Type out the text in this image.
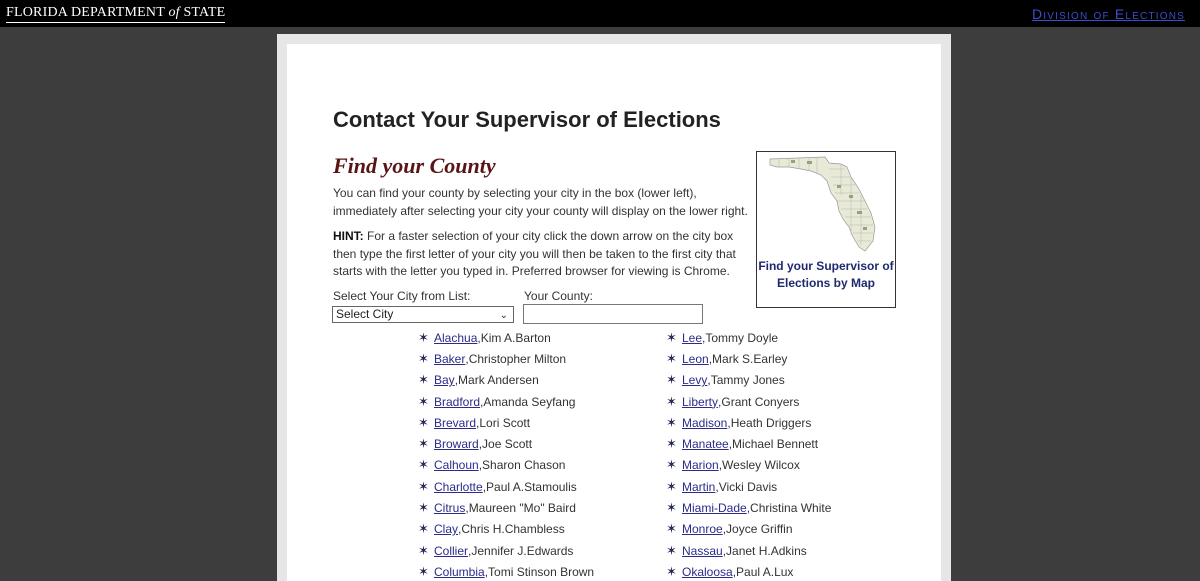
FLORIDA DEPARTMENT of STATE	Division of Elections
Contact Your Supervisor of Elections
Find your County

You can find your county by selecting your city in the box (lower left), immediately after selecting your city your county will display on the lower right.

HINT: For a faster selection of your city click the down arrow on the city box then type the first letter of your city you will then be taken to the first city that starts with the letter you typed in. Preferred browser for viewing is Chrome.	Find your Supervisor of Elections by Map
Select Your City from List:	Your County:
Select City	⌄
✶ Alachua , Kim A.Barton
✶ Baker , Christopher Milton
✶ Bay , Mark Andersen
✶ Bradford , Amanda Seyfang
✶ Brevard , Lori Scott
✶ Broward , Joe Scott
✶ Calhoun , Sharon Chason
✶ Charlotte , Paul A.Stamoulis
✶ Citrus , Maureen "Mo" Baird
✶ Clay , Chris H.Chambless
✶ Collier , Jennifer J.Edwards
✶ Columbia , Tomi Stinson Brown
✶ Lee , Tommy Doyle
✶ Leon , Mark S.Earley
✶ Levy , Tammy Jones
✶ Liberty , Grant Conyers
✶ Madison , Heath Driggers
✶ Manatee , Michael Bennett
✶ Marion , Wesley Wilcox
✶ Martin , Vicki Davis
✶ Miami-Dade , Christina White
✶ Monroe , Joyce Griffin
✶ Nassau , Janet H.Adkins
✶ Okaloosa , Paul A.Lux
